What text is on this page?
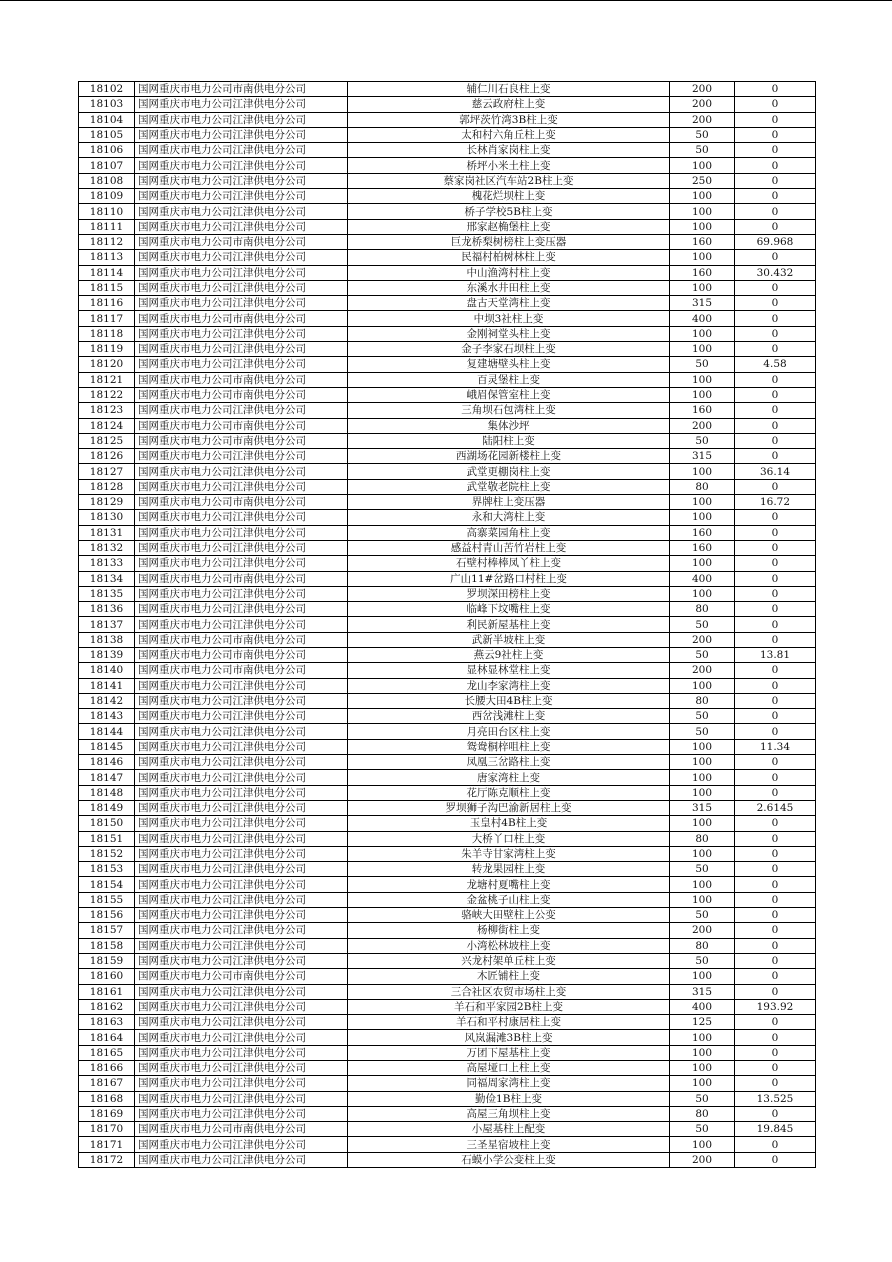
18102	国网重庆市电力公司市南供电分公司	辅仁川石良柱上变	200	0
18103	国网重庆市电力公司江津供电分公司	慈云政府柱上变	200	0
18104	国网重庆市电力公司江津供电分公司	郭坪茨竹湾3B柱上变	200	0
18105	国网重庆市电力公司江津供电分公司	太和村六角丘柱上变	50	0
18106	国网重庆市电力公司江津供电分公司	长林肖家岗柱上变	50	0
18107	国网重庆市电力公司江津供电分公司	桥坪小米土柱上变	100	0
18108	国网重庆市电力公司江津供电分公司	蔡家岗社区汽车站2B柱上变	250	0
18109	国网重庆市电力公司江津供电分公司	槐花烂坝柱上变	100	0
18110	国网重庆市电力公司江津供电分公司	桥子学校5B柱上变	100	0
18111	国网重庆市电力公司江津供电分公司	邢家赵桷堡柱上变	100	0
18112	国网重庆市电力公司市南供电分公司	巨龙桥梨树榜柱上变压器	160	69.968
18113	国网重庆市电力公司江津供电分公司	民福村柏树林柱上变	100	0
18114	国网重庆市电力公司江津供电分公司	中山渔湾村柱上变	160	30.432
18115	国网重庆市电力公司江津供电分公司	东溪水井田柱上变	100	0
18116	国网重庆市电力公司江津供电分公司	盘古天堂湾柱上变	315	0
18117	国网重庆市电力公司市南供电分公司	中坝3社柱上变	400	0
18118	国网重庆市电力公司江津供电分公司	金刚祠堂头柱上变	100	0
18119	国网重庆市电力公司江津供电分公司	金子李家石坝柱上变	100	0
18120	国网重庆市电力公司江津供电分公司	复建塘壁头柱上变	50	4.58
18121	国网重庆市电力公司市南供电分公司	百灵堡柱上变	100	0
18122	国网重庆市电力公司市南供电分公司	峨眉保管室柱上变	100	0
18123	国网重庆市电力公司江津供电分公司	三角坝石包湾柱上变	160	0
18124	国网重庆市电力公司市南供电分公司	集体沙坪	200	0
18125	国网重庆市电力公司市南供电分公司	陆阳柱上变	50	0
18126	国网重庆市电力公司江津供电分公司	西湖场花园新楼柱上变	315	0
18127	国网重庆市电力公司江津供电分公司	武堂更棚岗柱上变	100	36.14
18128	国网重庆市电力公司江津供电分公司	武堂敬老院柱上变	80	0
18129	国网重庆市电力公司市南供电分公司	界牌柱上变压器	100	16.72
18130	国网重庆市电力公司江津供电分公司	永和大湾柱上变	100	0
18131	国网重庆市电力公司江津供电分公司	高寨菜园角柱上变	160	0
18132	国网重庆市电力公司江津供电分公司	感益村青山苦竹岩柱上变	160	0
18133	国网重庆市电力公司江津供电分公司	石壁村棒棒凤丫柱上变	100	0
18134	国网重庆市电力公司市南供电分公司	广山11#岔路口村柱上变	400	0
18135	国网重庆市电力公司江津供电分公司	罗坝深田榜柱上变	100	0
18136	国网重庆市电力公司江津供电分公司	临峰下坟嘴柱上变	80	0
18137	国网重庆市电力公司江津供电分公司	利民新屋基柱上变	50	0
18138	国网重庆市电力公司市南供电分公司	武新半坡柱上变	200	0
18139	国网重庆市电力公司市南供电分公司	燕云9社柱上变	50	13.81
18140	国网重庆市电力公司市南供电分公司	显林显林堂柱上变	200	0
18141	国网重庆市电力公司江津供电分公司	龙山李家湾柱上变	100	0
18142	国网重庆市电力公司江津供电分公司	长腰大田4B柱上变	80	0
18143	国网重庆市电力公司江津供电分公司	西岔浅滩柱上变	50	0
18144	国网重庆市电力公司江津供电分公司	月亮田台区柱上变	50	0
18145	国网重庆市电力公司江津供电分公司	鸳鸯桐梓咀柱上变	100	11.34
18146	国网重庆市电力公司江津供电分公司	凤凰三岔路柱上变	100	0
18147	国网重庆市电力公司江津供电分公司	唐家湾柱上变	100	0
18148	国网重庆市电力公司江津供电分公司	花厅陈克顺柱上变	100	0
18149	国网重庆市电力公司江津供电分公司	罗坝狮子沟巴渝新居柱上变	315	2.6145
18150	国网重庆市电力公司江津供电分公司	玉皇村4B柱上变	100	0
18151	国网重庆市电力公司江津供电分公司	大桥丫口柱上变	80	0
18152	国网重庆市电力公司江津供电分公司	朱羊寺甘家湾柱上变	100	0
18153	国网重庆市电力公司江津供电分公司	转龙果园柱上变	50	0
18154	国网重庆市电力公司江津供电分公司	龙塘村夏嘴柱上变	100	0
18155	国网重庆市电力公司江津供电分公司	金盆桃子山柱上变	100	0
18156	国网重庆市电力公司江津供电分公司	骆峡大田壁柱上公变	50	0
18157	国网重庆市电力公司江津供电分公司	杨柳街柱上变	200	0
18158	国网重庆市电力公司江津供电分公司	小湾松林坡柱上变	80	0
18159	国网重庆市电力公司江津供电分公司	兴龙村架单丘柱上变	50	0
18160	国网重庆市电力公司市南供电分公司	木匠铺柱上变	100	0
18161	国网重庆市电力公司江津供电分公司	三合社区农贸市场柱上变	315	0
18162	国网重庆市电力公司江津供电分公司	羊石和平家园2B柱上变	400	193.92
18163	国网重庆市电力公司江津供电分公司	羊石和平村康居柱上变	125	0
18164	国网重庆市电力公司江津供电分公司	风岚漏滩3B柱上变	100	0
18165	国网重庆市电力公司江津供电分公司	万团下屋基柱上变	100	0
18166	国网重庆市电力公司江津供电分公司	高屋垭口上柱上变	100	0
18167	国网重庆市电力公司江津供电分公司	同福周家湾柱上变	100	0
18168	国网重庆市电力公司江津供电分公司	勤俭1B柱上变	50	13.525
18169	国网重庆市电力公司江津供电分公司	高屋三角坝柱上变	80	0
18170	国网重庆市电力公司市南供电分公司	小屋基柱上配变	50	19.845
18171	国网重庆市电力公司江津供电分公司	三圣星宿坡柱上变	100	0
18172	国网重庆市电力公司江津供电分公司	石蟆小学公变柱上变	200	0
